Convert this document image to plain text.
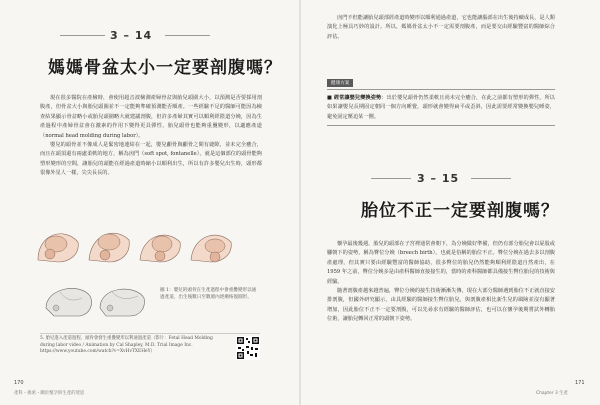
3 – 14
媽媽骨盆太小一定要剖腹嗎？

現在很多醫院在產檢時，會使用超音波檢測產婦骨盆與胎兒頭圍大小，以預測是否要採用剖腹產，但骨盆大小與胎兒頭圍並不一定能夠準確預測能否順產。一些經驗不足的醫師可能因為檢查結果顯示骨盆略小或胎兒頭圍略大就建議剖腹，但許多產婦其實可以順利經陰道分娩，因為生產過程中產婦骨盆會在激素的作用下變得更具彈性，胎兒頭骨也能夠重疊變形，以適應產道（normal head molding during labor）。

嬰兒的頭骨並不像成人是緊密地連結在一起，嬰兒顱骨與顱骨之間有縫隙，並未完全癒合，而且在頭頂還有兩處柔軟的地方，稱為囟門（soft spot, fontanelle），就是這個部位的頭骨能夠塑形變形的空間，讓胎兒的頭能在經過產道時縮小以順利出生，所以有許多嬰兒出生時，頭形都很像外星人一樣，尖尖長長的。

圖 1：嬰兒的頭骨在生產過程中會重疊變形以通過產道，出生後數日至數週內逐漸恢復圓形。
5. 胎兒進入產道過程，頭骨會發生重疊變形以利通過產道（影片：Fetal Head Molding during labor video / Animation by Cal Shapley, M.D. Trial Image Inc. https://www.youtube.com/watch?v=XvHvTXEHeY）
170
產科・揭密・關於懷孕與生產的迷思

囟門不但能讓胎兒頭部經產道時變形以順利通過產道，它也能讓腦部在出生後持續成長，是人類演化上極具巧妙的設計。所以，媽媽骨盆太小不一定需要剖腹產，而是要交由經驗豐富的醫師綜合評估。

健康方案
■ 經常讓嬰兒變換姿勢：出於嬰兒頭骨仍然柔軟且尚未完全癒合，在此之前都有塑形的彈性，所以如果讓嬰兒長期固定朝同一個方向睡覺，頭形就會變得扁平或歪斜，因此需要經常變換嬰兒睡姿，避免固定壓迫某一側。
3 – 15
胎位不正一定要剖腹嗎？

懷孕最後幾週，胎兒的頭部在子宮裡通常會朝下，為分娩做好準備，但仍有部分胎兒會以屁股或腳朝下的姿勢，稱為臀位分娩（breech birth），也就是俗稱的胎位不正。臀位分娩在過去多以剖腹產處理，但其實只要由經驗豐富的醫師協助，很多臀位的胎兒仍然能夠順利經陰道自然產出，在 1959 年之前，臀位分娩多是由產科醫師直接接生的，當時的產科醫師都具備接生臀位胎兒的技術與經驗。

隨著剖腹產越來越普遍，臀位分娩的接生技術漸漸失傳，現在大部分醫師遇到胎位不正就直接安排剖腹，但國外研究顯示，由具經驗的醫師接生臀位胎兒，與剖腹產相比新生兒的風險並沒有顯著增加，因此胎位不正不一定要剖腹，可以先尋求有經驗的醫師評估，也可以在懷孕後期嘗試外轉胎位術，讓胎兒轉回正常的頭朝下姿勢。

171
Chapter 3 生產
